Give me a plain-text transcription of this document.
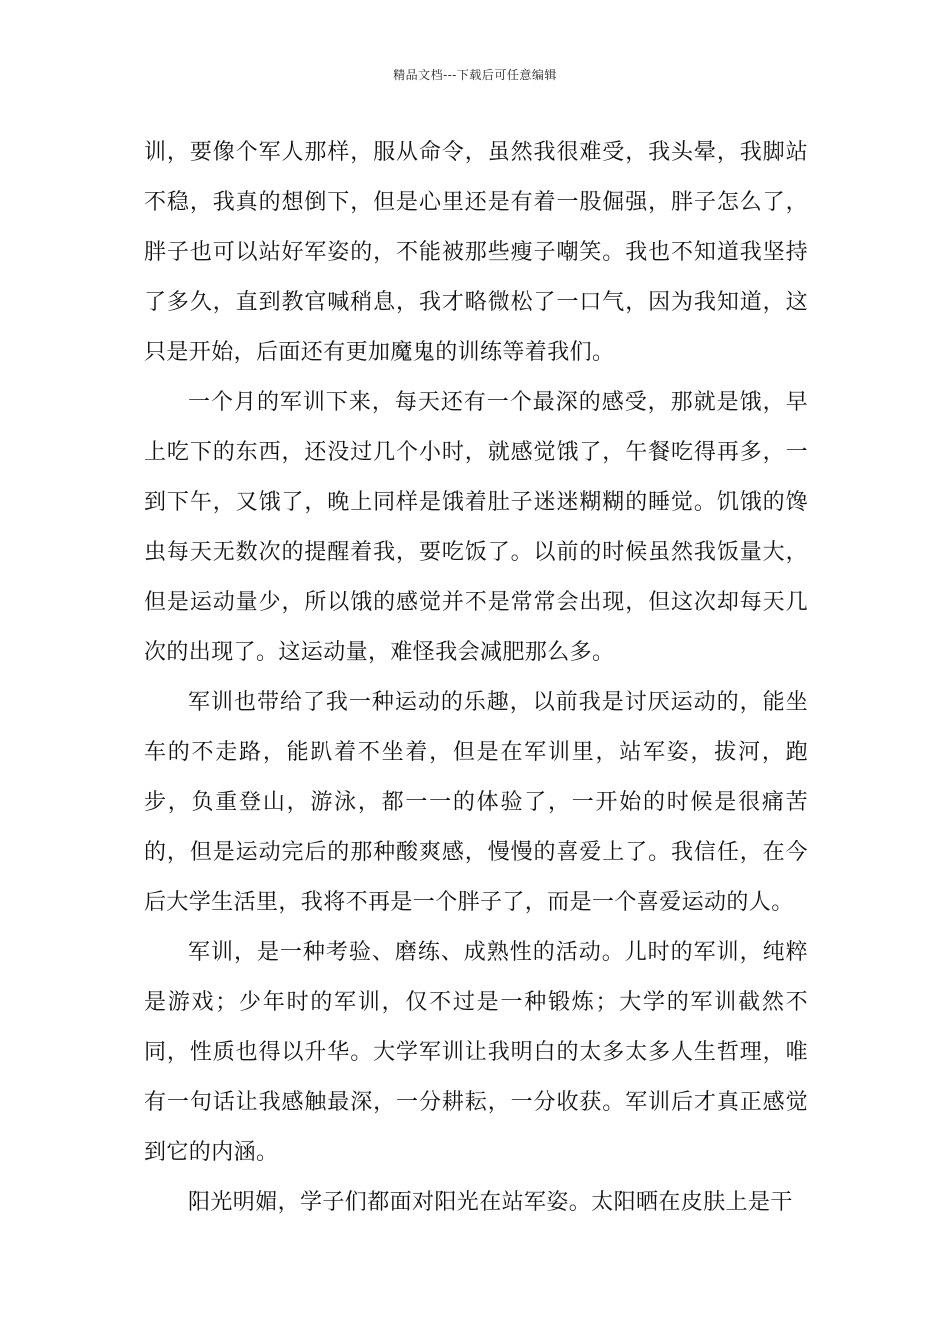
精品文档---下载后可任意编辑

训，要像个军人那样，服从命令，虽然我很难受，我头晕，我脚站不稳，我真的想倒下，但是心里还是有着一股倔强，胖子怎么了，胖子也可以站好军姿的，不能被那些瘦子嘲笑。我也不知道我坚持了多久，直到教官喊稍息，我才略微松了一口气，因为我知道，这只是开始，后面还有更加魔鬼的训练等着我们。

一个月的军训下来，每天还有一个最深的感受，那就是饿，早上吃下的东西，还没过几个小时，就感觉饿了，午餐吃得再多，一到下午，又饿了，晚上同样是饿着肚子迷迷糊糊的睡觉。饥饿的馋虫每天无数次的提醒着我，要吃饭了。以前的时候虽然我饭量大，但是运动量少，所以饿的感觉并不是常常会出现，但这次却每天几次的出现了。这运动量，难怪我会减肥那么多。

军训也带给了我一种运动的乐趣，以前我是讨厌运动的，能坐车的不走路，能趴着不坐着，但是在军训里，站军姿，拔河，跑步，负重登山，游泳，都一一的体验了，一开始的时候是很痛苦的，但是运动完后的那种酸爽感，慢慢的喜爱上了。我信任，在今后大学生活里，我将不再是一个胖子了，而是一个喜爱运动的人。

军训，是一种考验、磨练、成熟性的活动。儿时的军训，纯粹是游戏；少年时的军训，仅不过是一种锻炼；大学的军训截然不同，性质也得以升华。大学军训让我明白的太多太多人生哲理，唯有一句话让我感触最深，一分耕耘，一分收获。军训后才真正感觉到它的内涵。

阳光明媚，学子们都面对阳光在站军姿。太阳晒在皮肤上是干
